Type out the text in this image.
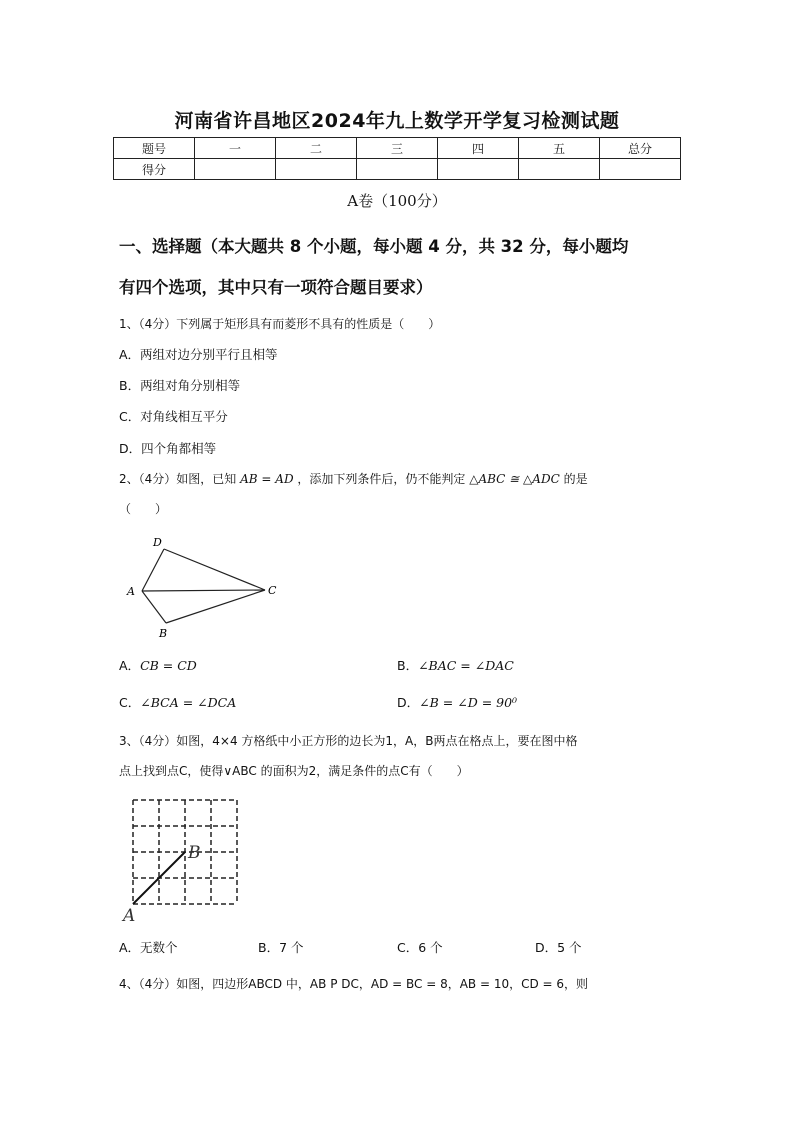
河南省许昌地区2024年九上数学开学复习检测试题
题号	一	二	三	四	五	总分
得分						
A卷（100分）
一、选择题（本大题共 8 个小题，每小题 4 分，共 32 分，每小题均
有四个选项，其中只有一项符合题目要求）
1、（4分）下列属于矩形具有而菱形不具有的性质是（　　）
A．两组对边分别平行且相等
B．两组对角分别相等
C．对角线相互平分
D．四个角都相等
2、（4分）如图，已知 AB = AD ，添加下列条件后，仍不能判定 △ABC ≅ △ADC 的是
（　　）
D
A	C
B
A．CB = CD	B．∠BAC = ∠DAC
C．∠BCA = ∠DCA	D．∠B = ∠D = 90⁰
3、（4分）如图，4×4 方格纸中小正方形的边长为1，A，B两点在格点上，要在图中格
点上找到点C，使得∨ABC 的面积为2，满足条件的点C有（　　）
B
A
A．无数个	B．7 个	C．6 个	D．5 个
4、（4分）如图，四边形ABCD 中，AB P DC，AD = BC = 8，AB = 10，CD = 6，则
